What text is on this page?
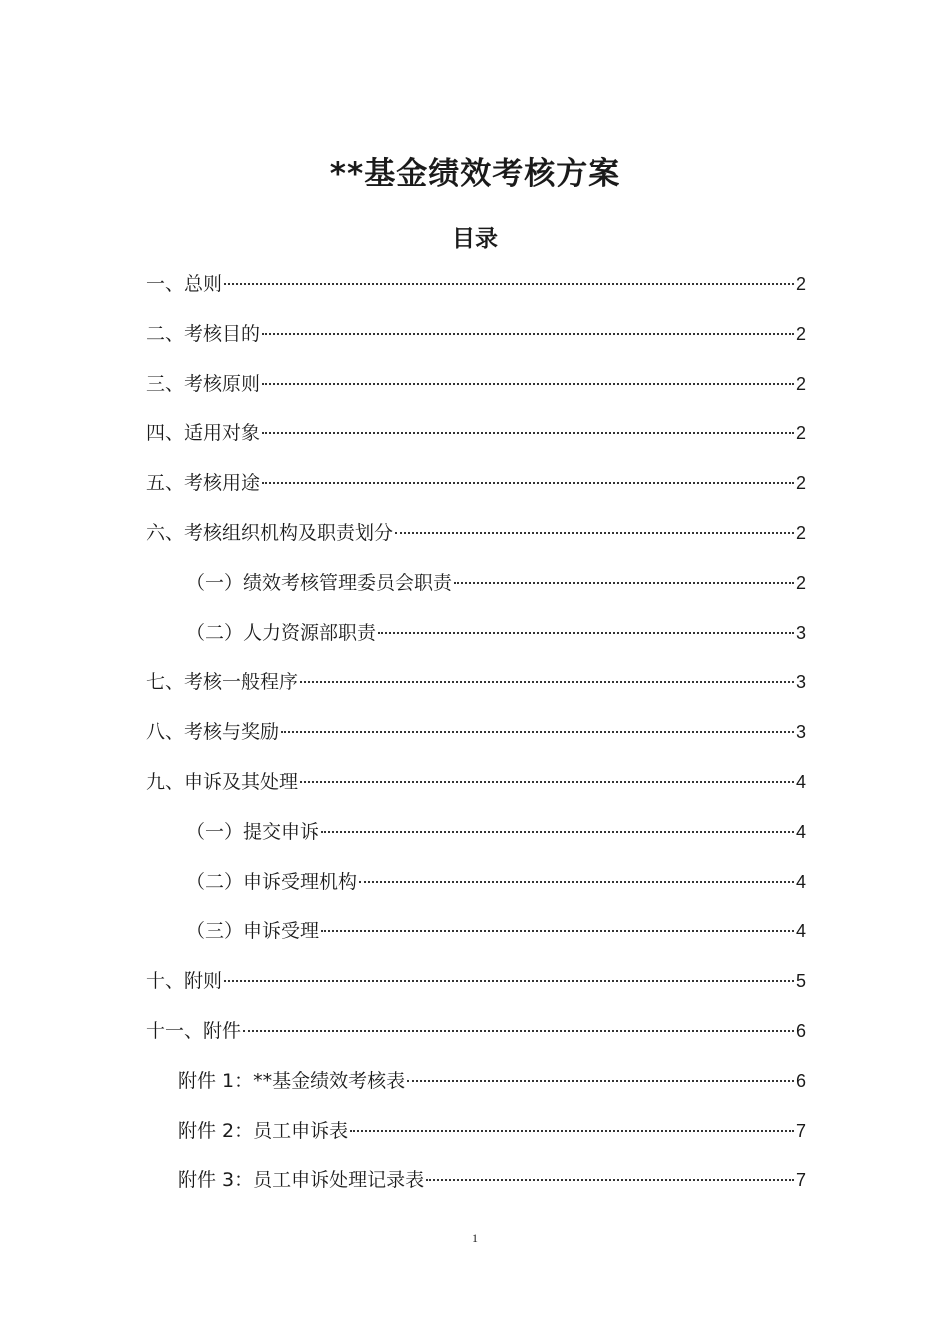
**基金绩效考核方案
目录
一、总则	2
二、考核目的	2
三、考核原则	2
四、适用对象	2
五、考核用途	2
六、考核组织机构及职责划分	2
（一）绩效考核管理委员会职责	2
（二）人力资源部职责	3
七、考核一般程序	3
八、考核与奖励	3
九、申诉及其处理	4
（一）提交申诉	4
（二）申诉受理机构	4
（三）申诉受理	4
十、附则	5
十一、附件	6
附件 1：**基金绩效考核表	6
附件 2：员工申诉表	7
附件 3：员工申诉处理记录表	7
1
